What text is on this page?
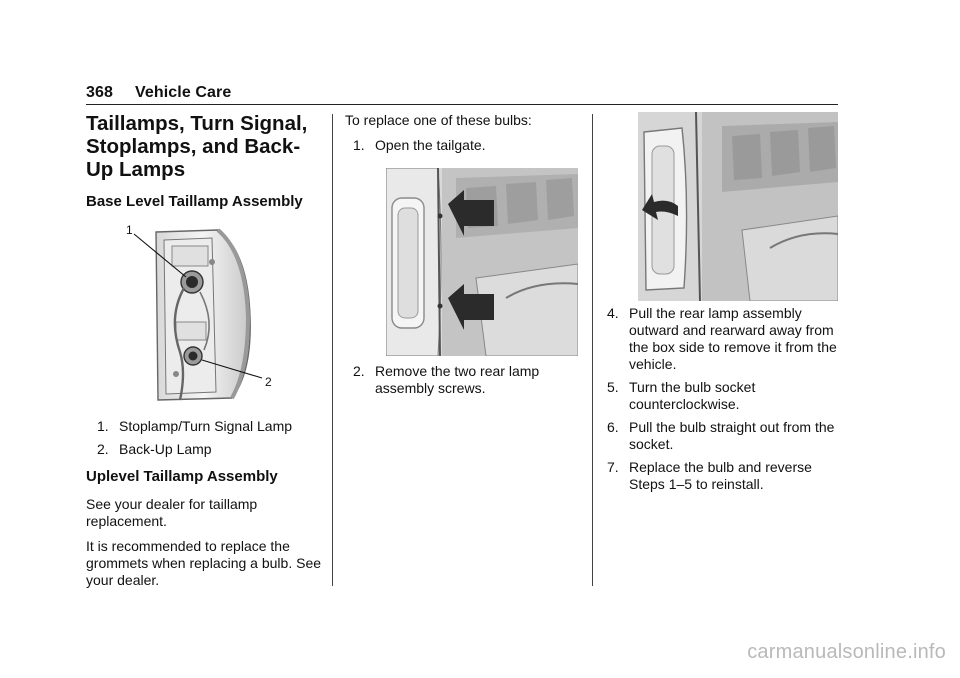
368 Vehicle Care
Taillamps, Turn Signal, Stoplamps, and Back-Up Lamps
Base Level Taillamp Assembly
1
2
1. Stoplamp/Turn Signal Lamp
2. Back-Up Lamp
Uplevel Taillamp Assembly

See your dealer for taillamp replacement.

It is recommended to replace the grommets when replacing a bulb. See your dealer.

To replace one of these bulbs:

1. Open the tailgate.
2. Remove the two rear lamp assembly screws.
4. Pull the rear lamp assembly outward and rearward away from the box side to remove it from the vehicle.
5. Turn the bulb socket counterclockwise.
6. Pull the bulb straight out from the socket.
7. Replace the bulb and reverse Steps 1–5 to reinstall.
carmanualsonline.info
